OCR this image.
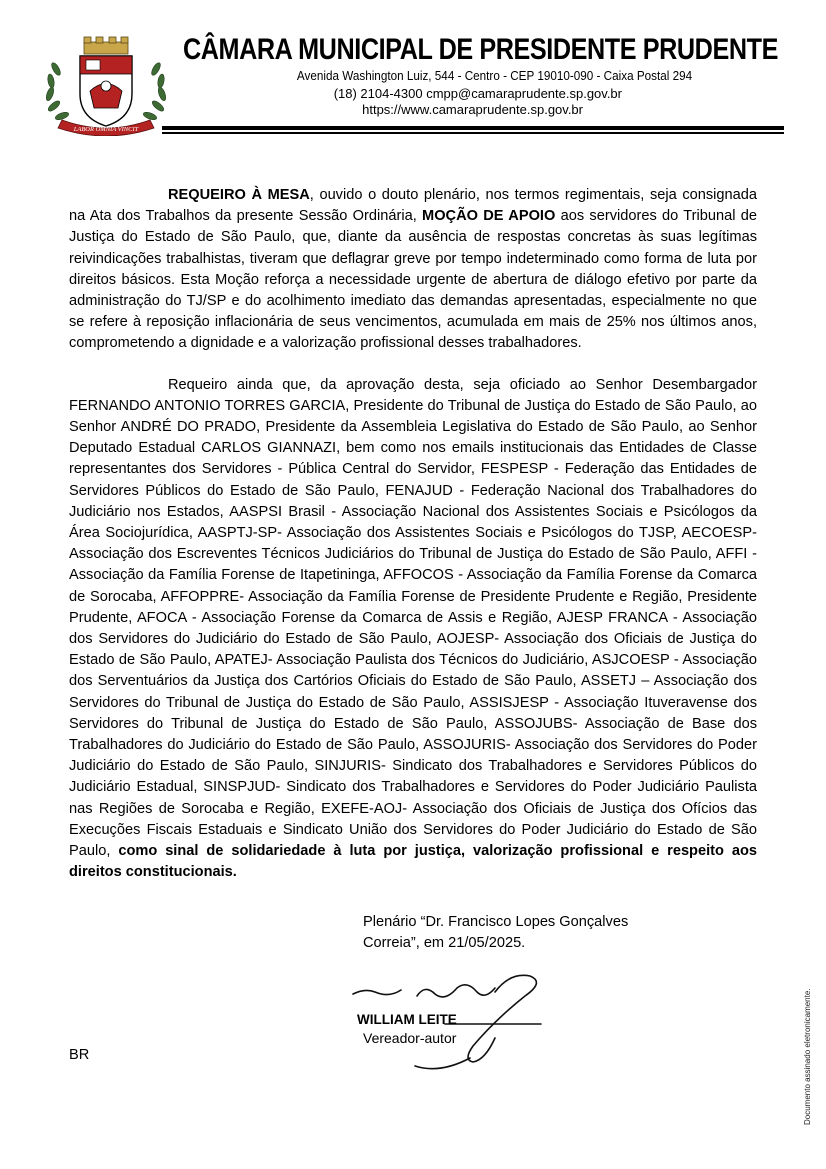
LABOR OMNIA VINCIT
CÂMARA MUNICIPAL DE PRESIDENTE PRUDENTE
Avenida Washington Luiz, 544 - Centro - CEP 19010-090 - Caixa Postal 294
(18) 2104-4300 cmpp@camaraprudente.sp.gov.br
https://www.camaraprudente.sp.gov.br

REQUEIRO À MESA, ouvido o douto plenário, nos termos regimentais, seja consignada na Ata dos Trabalhos da presente Sessão Ordinária, MOÇÃO DE APOIO aos servidores do Tribunal de Justiça do Estado de São Paulo, que, diante da ausência de respostas concretas às suas legítimas reivindicações trabalhistas, tiveram que deflagrar greve por tempo indeterminado como forma de luta por direitos básicos. Esta Moção reforça a necessidade urgente de abertura de diálogo efetivo por parte da administração do TJ/SP e do acolhimento imediato das demandas apresentadas, especialmente no que se refere à reposição inflacionária de seus vencimentos, acumulada em mais de 25% nos últimos anos, comprometendo a dignidade e a valorização profissional desses trabalhadores.

Requeiro ainda que, da aprovação desta, seja oficiado ao Senhor Desembargador FERNANDO ANTONIO TORRES GARCIA, Presidente do Tribunal de Justiça do Estado de São Paulo, ao Senhor ANDRÉ DO PRADO, Presidente da Assembleia Legislativa do Estado de São Paulo, ao Senhor Deputado Estadual CARLOS GIANNAZI, bem como nos emails institucionais das Entidades de Classe representantes dos Servidores - Pública Central do Servidor, FESPESP - Federação das Entidades de Servidores Públicos do Estado de São Paulo, FENAJUD - Federação Nacional dos Trabalhadores do Judiciário nos Estados, AASPSI Brasil - Associação Nacional dos Assistentes Sociais e Psicólogos da Área Sociojurídica, AASPTJ-SP- Associação dos Assistentes Sociais e Psicólogos do TJSP, AECOESP- Associação dos Escreventes Técnicos Judiciários do Tribunal de Justiça do Estado de São Paulo, AFFI - Associação da Família Forense de Itapetininga, AFFOCOS - Associação da Família Forense da Comarca de Sorocaba, AFFOPPRE- Associação da Família Forense de Presidente Prudente e Região, Presidente Prudente, AFOCA - Associação Forense da Comarca de Assis e Região, AJESP FRANCA - Associação dos Servidores do Judiciário do Estado de São Paulo, AOJESP- Associação dos Oficiais de Justiça do Estado de São Paulo, APATEJ- Associação Paulista dos Técnicos do Judiciário, ASJCOESP - Associação dos Serventuários da Justiça dos Cartórios Oficiais do Estado de São Paulo, ASSETJ – Associação dos Servidores do Tribunal de Justiça do Estado de São Paulo, ASSISJESP - Associação Ituveravense dos Servidores do Tribunal de Justiça do Estado de São Paulo, ASSOJUBS- Associação de Base dos Trabalhadores do Judiciário do Estado de São Paulo, ASSOJURIS- Associação dos Servidores do Poder Judiciário do Estado de São Paulo, SINJURIS- Sindicato dos Trabalhadores e Servidores Públicos do Judiciário Estadual, SINSPJUD- Sindicato dos Trabalhadores e Servidores do Poder Judiciário Paulista nas Regiões de Sorocaba e Região, EXEFE-AOJ- Associação dos Oficiais de Justiça dos Ofícios das Execuções Fiscais Estaduais e Sindicato União dos Servidores do Poder Judiciário do Estado de São Paulo, como sinal de solidariedade à luta por justiça, valorização profissional e respeito aos direitos constitucionais.

Plenário “Dr. Francisco Lopes Gonçalves
Correia”, em 21/05/2025.
WILLIAM LEITE
Vereador-autor
BR	Documento assinado eletronicamente.
